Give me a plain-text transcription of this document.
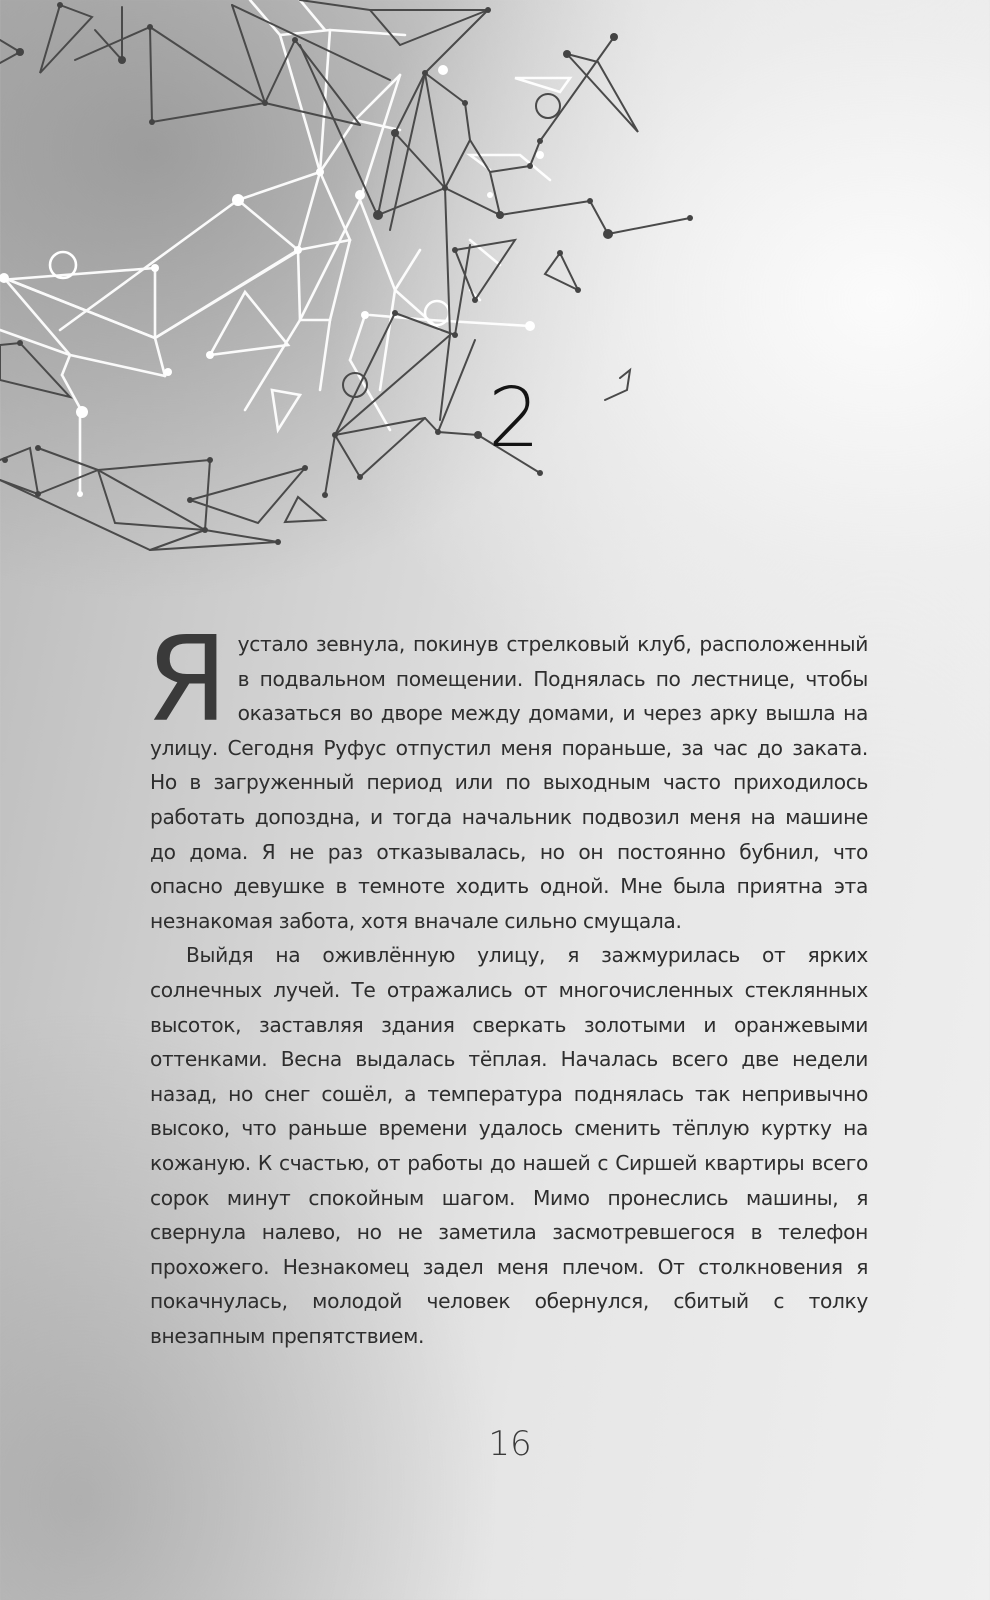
2

Я устало зевнула, покинув стрелковый клуб, расположенный в подвальном помещении. Поднялась по лестнице, чтобы оказаться во дворе между домами, и через арку вышла на улицу. Сегодня Руфус отпустил меня пораньше, за час до заката. Но в загруженный период или по выходным часто приходилось работать допоздна, и тогда начальник подвозил меня на машине до дома. Я не раз отказывалась, но он постоянно бубнил, что опасно девушке в темноте ходить одной. Мне была приятна эта незнакомая забота, хотя вначале сильно смущала.

Выйдя на оживлённую улицу, я зажмурилась от ярких солнечных лучей. Те отражались от многочисленных стеклянных высоток, заставляя здания сверкать золотыми и оранжевыми оттенками. Весна выдалась тёплая. Началась всего две недели назад, но снег сошёл, а температура поднялась так непривычно высоко, что раньше времени удалось сменить тёплую куртку на кожаную. К счастью, от работы до нашей с Сиршей квартиры всего сорок минут спокойным шагом. Мимо пронеслись машины, я свернула налево, но не заметила засмотревшегося в телефон прохожего. Незнакомец задел меня плечом. От столкновения я покачнулась, молодой человек обернулся, сбитый с толку внезапным препятствием.

16
